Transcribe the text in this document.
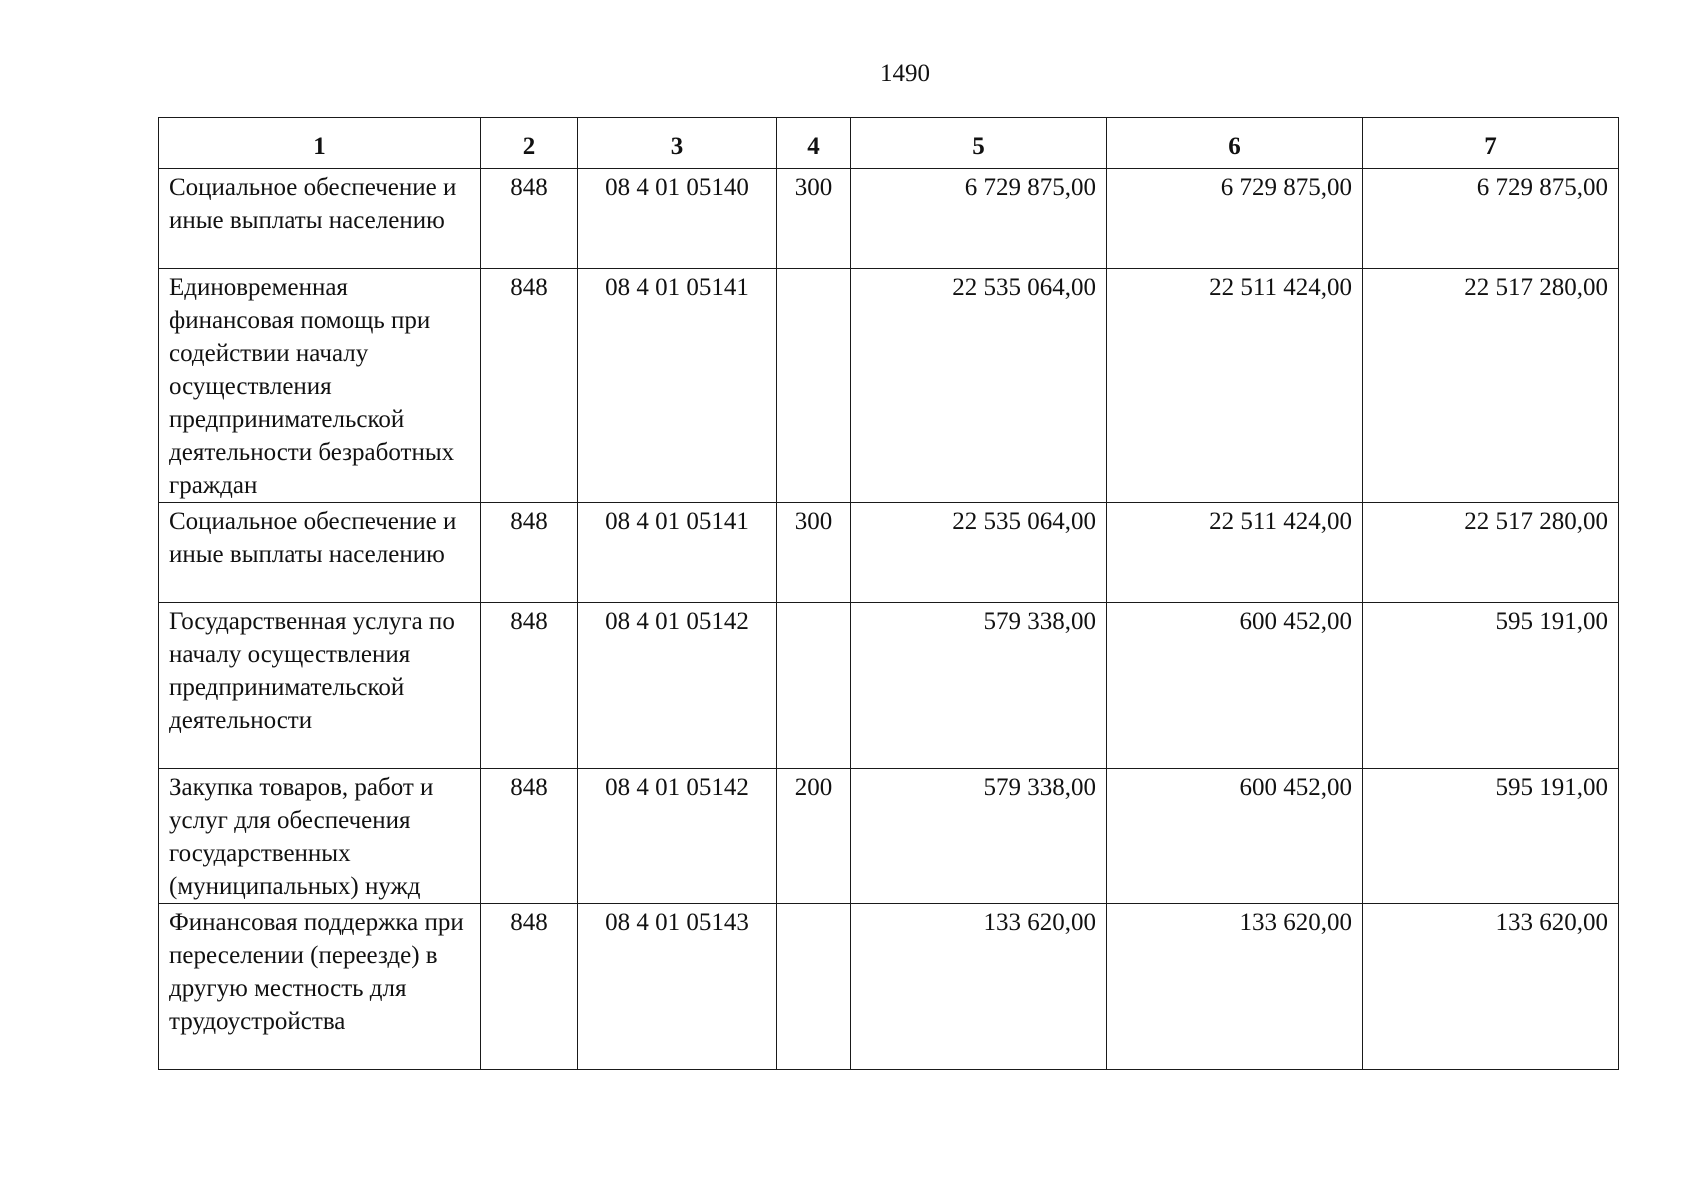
1490
1	2	3	4	5	6	7
Социальное обеспечение и иные выплаты населению	848	08 4 01 05140	300	6 729 875,00	6 729 875,00	6 729 875,00
Единовременная финансовая помощь при содействии началу осуществления предпринимательской деятельности безработных граждан	848	08 4 01 05141		22 535 064,00	22 511 424,00	22 517 280,00
Социальное обеспечение и иные выплаты населению	848	08 4 01 05141	300	22 535 064,00	22 511 424,00	22 517 280,00
Государственная услуга по началу осуществления предпринимательской деятельности	848	08 4 01 05142		579 338,00	600 452,00	595 191,00
Закупка товаров, работ и услуг для обеспечения государственных (муниципальных) нужд	848	08 4 01 05142	200	579 338,00	600 452,00	595 191,00
Финансовая поддержка при переселении (переезде) в другую местность для трудоустройства	848	08 4 01 05143		133 620,00	133 620,00	133 620,00
